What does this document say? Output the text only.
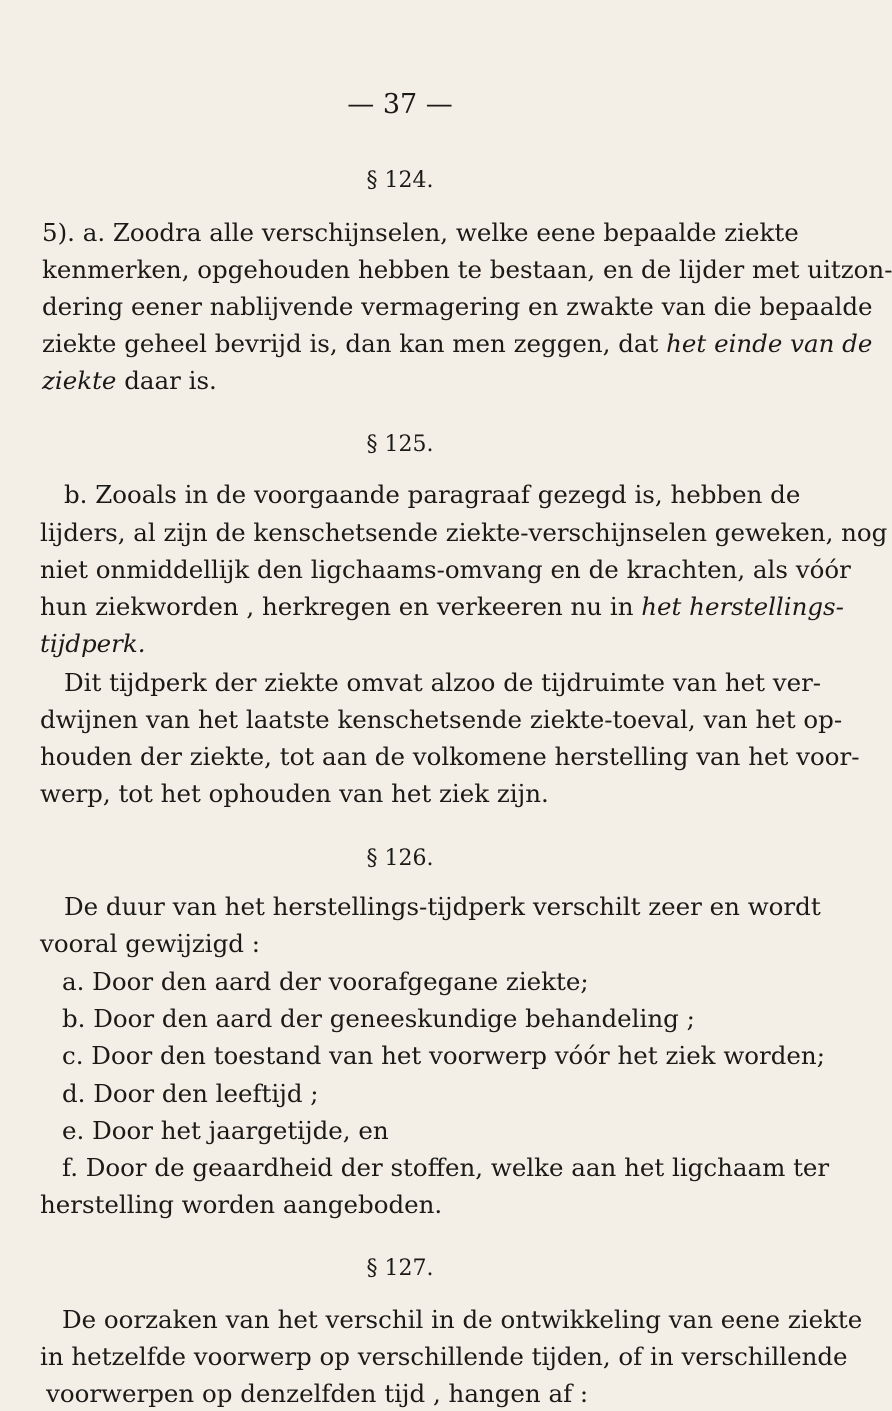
— 37 —
§ 124.
5). a. Zoodra alle verschijnselen, welke eene bepaalde ziekte
kenmerken, opgehouden hebben te bestaan, en de lijder met uitzon-
dering eener nablijvende vermagering en zwakte van die bepaalde
ziekte geheel bevrijd is, dan kan men zeggen, dat het einde van de
ziekte daar is.
§ 125.
b. Zooals in de voorgaande paragraaf gezegd is, hebben de
lijders, al zijn de kenschetsende ziekte-verschijnselen geweken, nog
niet onmiddellijk den ligchaams-omvang en de krachten, als vóór
hun ziekworden , herkregen en verkeeren nu in het herstellings-
tijdperk.
Dit tijdperk der ziekte omvat alzoo de tijdruimte van het ver-
dwijnen van het laatste kenschetsende ziekte-toeval, van het op-
houden der ziekte, tot aan de volkomene herstelling van het voor-
werp, tot het ophouden van het ziek zijn.
§ 126.
De duur van het herstellings-tijdperk verschilt zeer en wordt
vooral gewijzigd :
a. Door den aard der voorafgegane ziekte;
b. Door den aard der geneeskundige behandeling ;
c. Door den toestand van het voorwerp vóór het ziek worden;
d. Door den leeftijd ;
e. Door het jaargetijde, en
f. Door de geaardheid der stoffen, welke aan het ligchaam ter
herstelling worden aangeboden.
§ 127.
De oorzaken van het verschil in de ontwikkeling van eene ziekte
in hetzelfde voorwerp op verschillende tijden, of in verschillende
voorwerpen op denzelfden tijd , hangen af :
